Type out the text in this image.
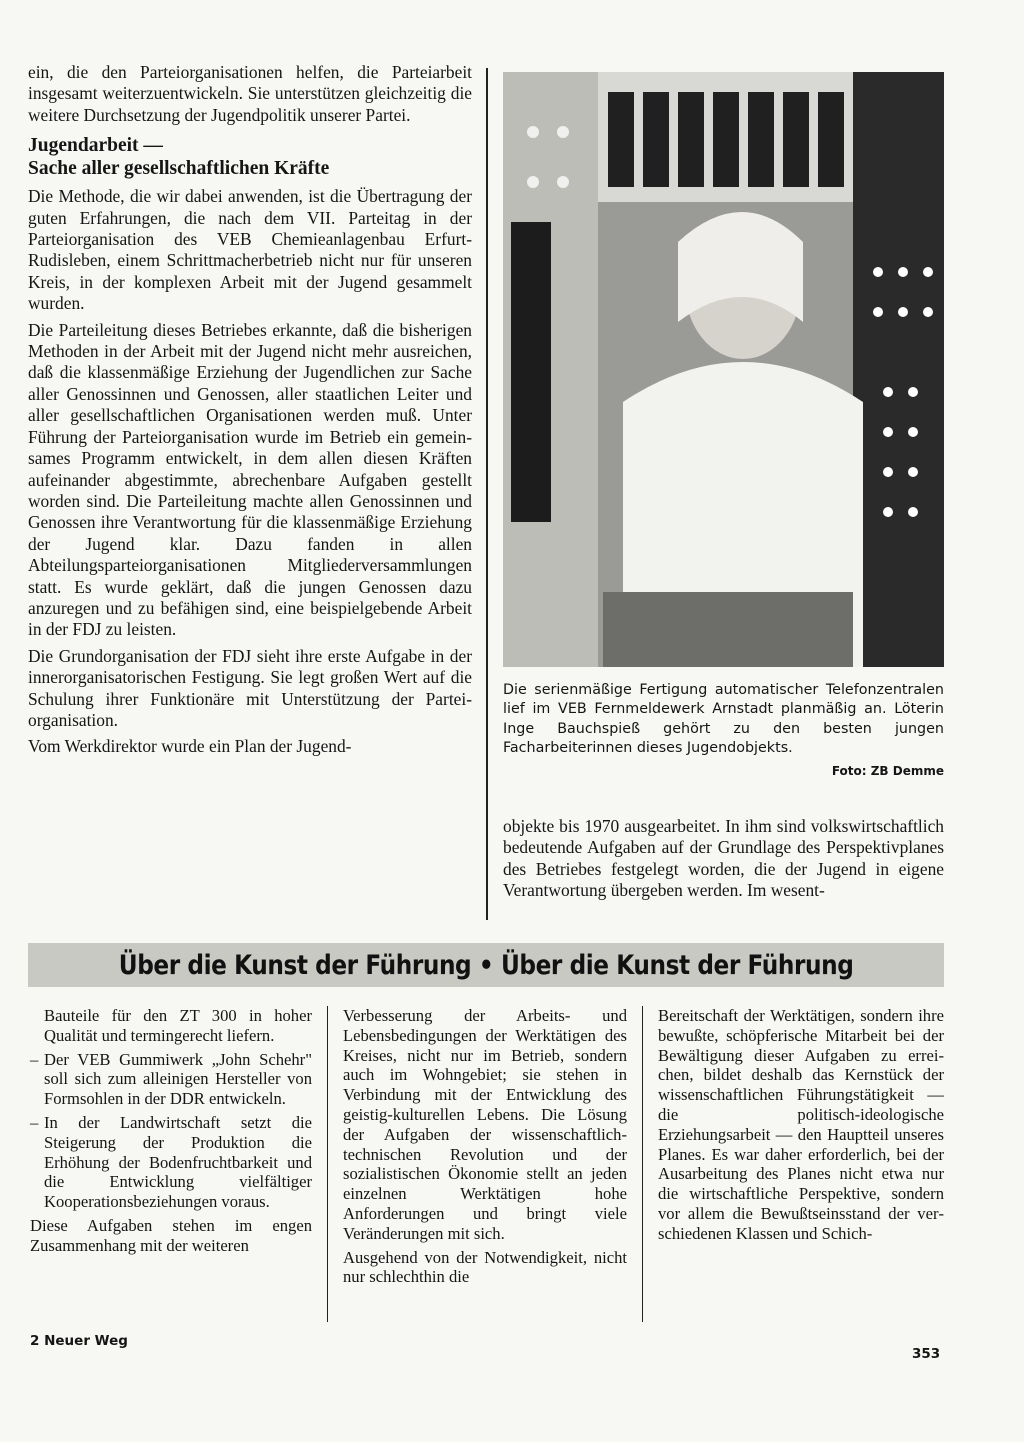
ein, die den Parteiorganisationen helfen, die Parteiarbeit insgesamt weiterzuentwickeln. Sie unterstützen gleichzeitig die weitere Durchsetzung der Jugendpolitik unserer Partei.

Jugendarbeit —
Sache aller gesellschaftlichen Kräfte

Die Methode, die wir dabei anwenden, ist die Übertragung der guten Erfahrungen, die nach dem VII. Parteitag in der Parteiorganisation des VEB Chemieanlagenbau Erfurt-Rudisleben, einem Schrittmacherbetrieb nicht nur für unseren Kreis, in der komplexen Arbeit mit der Jugend gesammelt wurden.

Die Parteileitung dieses Betriebes erkannte, daß die bisherigen Methoden in der Arbeit mit der Jugend nicht mehr ausreichen, daß die klassenmäßige Erziehung der Jugendlichen zur Sache aller Genossinnen und Genossen, aller staatlichen Leiter und aller gesellschaftlichen Organisationen werden muß. Unter Führung der Parteiorganisation wurde im Betrieb ein gemeinsames Programm entwickelt, in dem allen diesen Kräften aufeinander abgestimmte, abrechenbare Aufgaben gestellt worden sind. Die Parteileitung machte allen Genossinnen und Genossen ihre Verantwortung für die klassenmäßige Erziehung der Jugend klar. Dazu fanden in allen Abteilungsparteiorganisationen Mitgliederversammlungen statt. Es wurde geklärt, daß die jungen Genossen dazu anzuregen und zu befähigen sind, eine beispielgebende Arbeit in der FDJ zu leisten.

Die Grundorganisation der FDJ sieht ihre erste Aufgabe in der innerorganisatorischen Festigung. Sie legt großen Wert auf die Schulung ihrer Funktionäre mit Unterstützung der Parteiorganisation.

Vom Werkdirektor wurde ein Plan der Jugend-

Die serienmäßige Fertigung automatischer Telefonzentralen lief im VEB Fernmeldewerk Arnstadt planmäßig an. Löterin Inge Bauchspieß gehört zu den besten jungen Facharbeiterinnen dieses Jugendobjekts.
Foto: ZB Demme

objekte bis 1970 ausgearbeitet. In ihm sind volkswirtschaftlich bedeutende Aufgaben auf der Grundlage des Perspektivplanes des Betriebes festgelegt worden, die der Jugend in eigene Verantwortung übergeben werden. Im wesent-

Über die Kunst der Führung • Über die Kunst der Führung

Bauteile für den ZT 300 in hoher Qualität und termingerecht liefern.

– Der VEB Gummiwerk „John Schehr" soll sich zum alleinigen Hersteller von Formsohlen in der DDR entwickeln.
– In der Landwirtschaft setzt die Steigerung der Produktion die Erhöhung der Bodenfruchtbarkeit und die Entwicklung vielfältiger Kooperationsbeziehungen voraus.

Diese Aufgaben stehen im engen Zusammenhang mit der weiteren

Verbesserung der Arbeits- und Lebensbedingungen der Werktätigen des Kreises, nicht nur im Betrieb, sondern auch im Wohngebiet; sie stehen in Verbindung mit der Entwicklung des geistig-kulturellen Lebens. Die Lösung der Aufgaben der wissenschaftlich-technischen Revolution und der sozialistischen Ökonomie stellt an jeden einzelnen Werktätigen hohe Anforderungen und bringt viele Veränderungen mit sich.

Ausgehend von der Notwendigkeit, nicht nur schlechthin die

Bereitschaft der Werktätigen, sondern ihre bewußte, schöpferische Mitarbeit bei der Bewältigung dieser Aufgaben zu erreichen, bildet deshalb das Kernstück der wissenschaftlichen Führungstätigkeit — die politisch-ideologische Erziehungsarbeit — den Hauptteil unseres Planes. Es war daher erforderlich, bei der Ausarbeitung des Planes nicht etwa nur die wirtschaftliche Perspektive, sondern vor allem die Bewußtseinsstand der verschiedenen Klassen und Schich-

2 Neuer Weg
353
